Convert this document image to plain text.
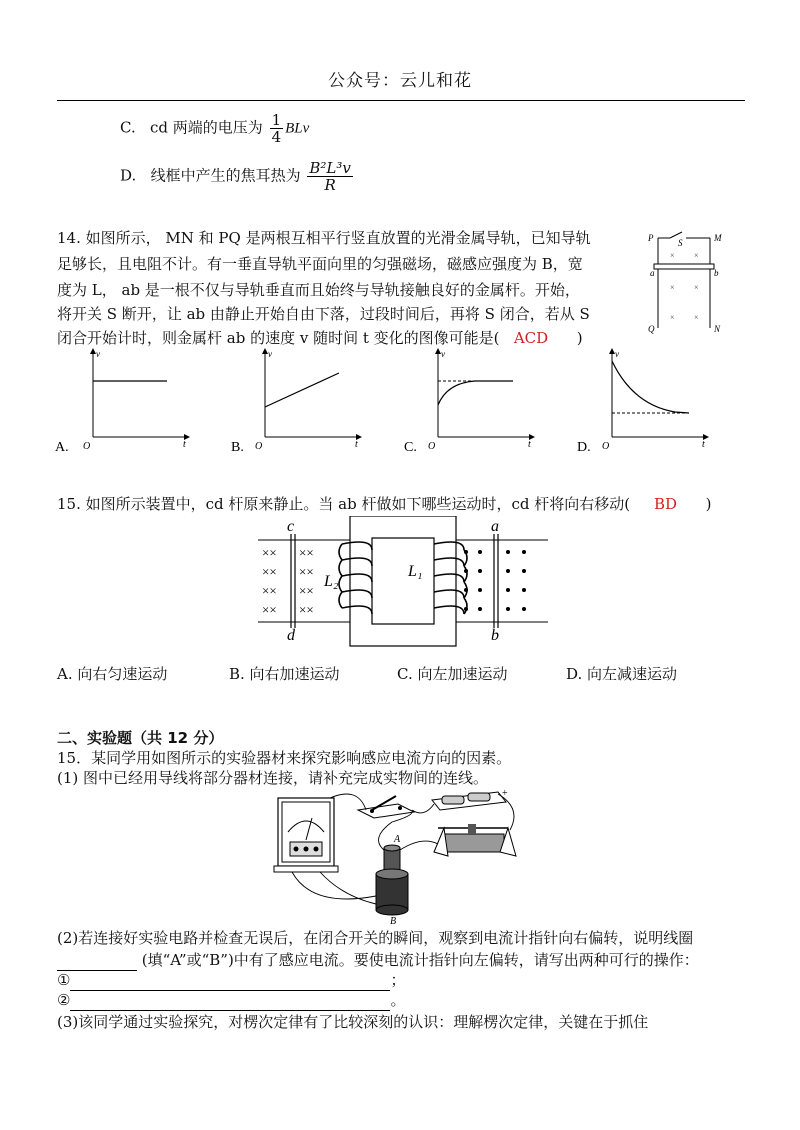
公众号：云儿和花
C. cd 两端的电压为 $\frac{1}{4}$ BLv
D. 线框中产生的焦耳热为 $\frac{\text{B²L³v}}{R}$
14. 如图所示， MN 和 PQ 是两根互相平行竖直放置的光滑金属导轨，已知导轨
足够长，且电阻不计。有一垂直导轨平面向里的匀强磁场，磁感应强度为 B，宽
度为 L， ab 是一根不仅与导轨垂直而且始终与导轨接触良好的金属杆。开始，
将开关 S 断开，让 ab 由静止开始自由下落，过段时间后，再将 S 闭合，若从 S
闭合开始计时，则金属杆 ab 的速度 v 随时间 t 变化的图像可能是( ACD )
× ×
× ×
× ×
P	S	M
a	b
Q	N
v
t
O
A.
v
t
O
B.
v
t
O
C.
v
t
O
D.
15. 如图所示装置中，cd 杆原来静止。当 ab 杆做如下哪些运动时，cd 杆将向右移动( BD )
×× ××
×× ××
×× ××
×× ××
c
d
a
b
L₂
L₁
A. 向右匀速运动	B. 向右加速运动	C. 向左加速运动	D. 向左减速运动
二、实验题（共 12 分）
15．某同学用如图所示的实验器材来探究影响感应电流方向的因素。
(1) 图中已经用导线将部分器材连接，请补充完成实物间的连线。
+
A
B
(2)若连接好实验电路并检查无误后，在闭合开关的瞬间，观察到电流计指针向右偏转，说明线圈
(填“A”或“B”)中有了感应电流。要使电流计指针向左偏转，请写出两种可行的操作：
①	；
②	。
(3)该同学通过实验探究，对楞次定律有了比较深刻的认识：理解楞次定律，关键在于抓住
